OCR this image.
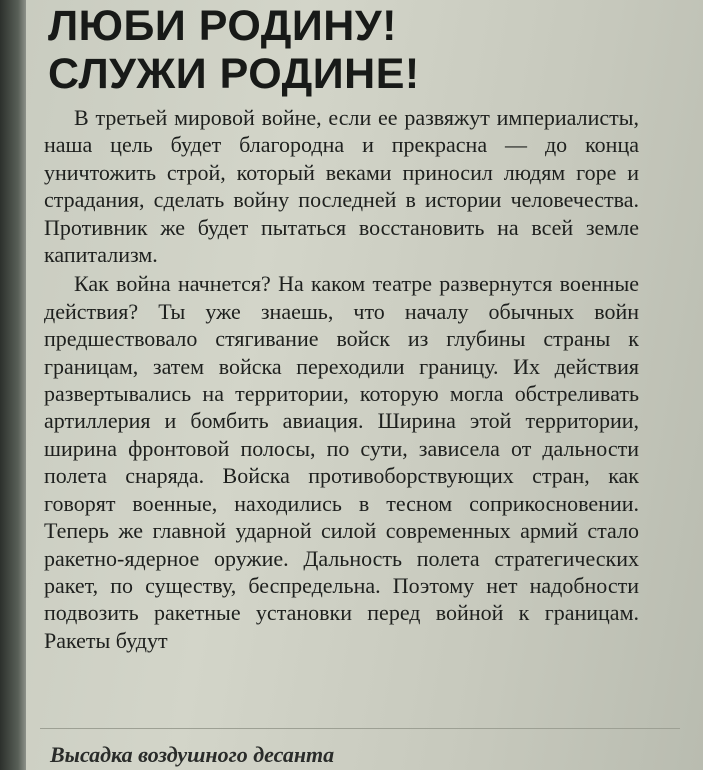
ЛЮБИ РОДИНУ!
СЛУЖИ РОДИНЕ!

В третьей мировой войне, если ее развяжут империалисты, наша цель будет благородна и прекрасна — до конца уничтожить строй, который веками приносил людям горе и страдания, сделать войну последней в истории человечества. Противник же будет пытаться восстановить на всей земле капитализм.

Как война начнется? На каком театре развернутся военные действия? Ты уже знаешь, что началу обычных войн предшествовало стягивание войск из глубины страны к границам, затем войска переходили границу. Их действия развертывались на территории, которую могла обстреливать артиллерия и бомбить авиация. Ширина этой территории, ширина фронтовой полосы, по сути, зависела от дальности полета снаряда. Войска противоборствующих стран, как говорят военные, находились в тесном соприкосновении. Теперь же главной ударной силой современных армий стало ракетно-ядерное оружие. Дальность полета стратегических ракет, по существу, беспредельна. Поэтому нет надобности подвозить ракетные установки перед войной к границам. Ракеты будут

Высадка воздушного десанта
